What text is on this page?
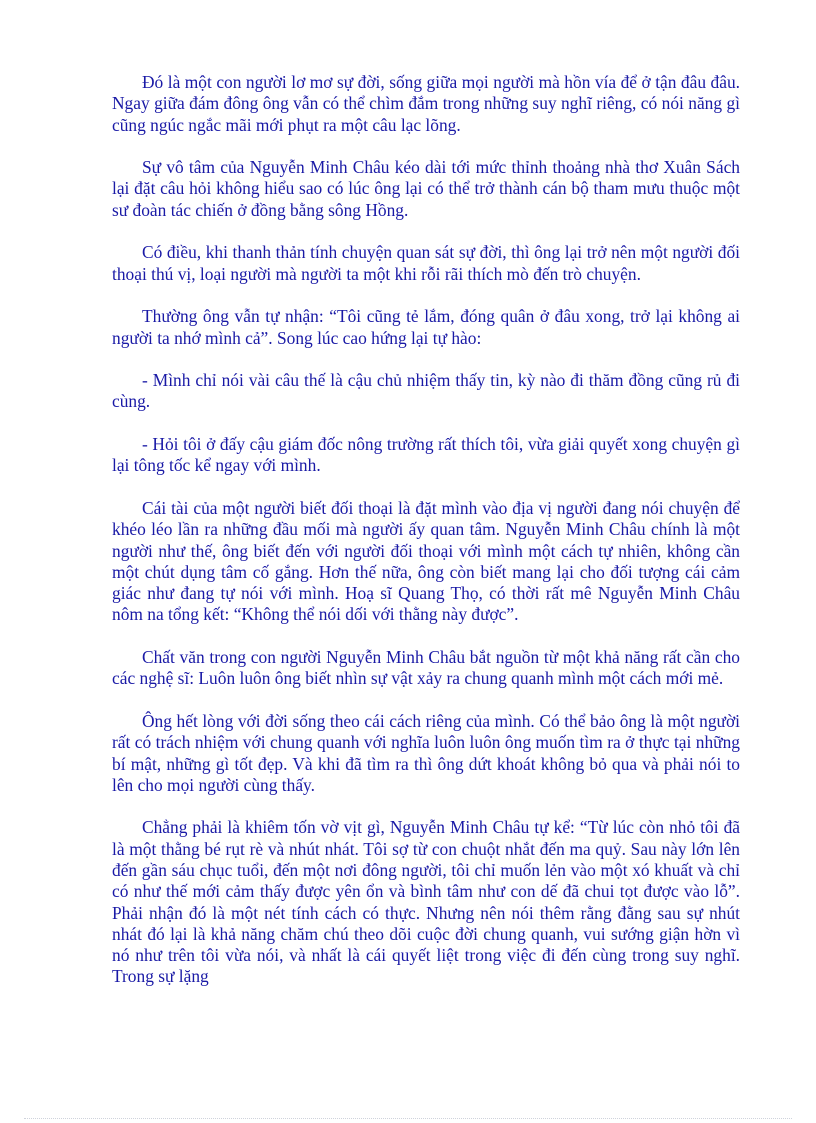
Đó là một con người lơ mơ sự đời, sống giữa mọi người mà hồn vía để ở tận đâu đâu. Ngay giữa đám đông ông vẫn có thể chìm đắm trong những suy nghĩ riêng, có nói năng gì cũng ngúc ngắc mãi mới phụt ra một câu lạc lõng.

Sự vô tâm của Nguyễn Minh Châu kéo dài tới mức thỉnh thoảng nhà thơ Xuân Sách lại đặt câu hỏi không hiểu sao có lúc ông lại có thể trở thành cán bộ tham mưu thuộc một sư đoàn tác chiến ở đồng bằng sông Hồng.

Có điều, khi thanh thản tính chuyện quan sát sự đời, thì ông lại trở nên một người đối thoại thú vị, loại người mà người ta một khi rỗi rãi thích mò đến trò chuyện.

Thường ông vẫn tự nhận: “Tôi cũng tẻ lắm, đóng quân ở đâu xong, trở lại không ai người ta nhớ mình cả”. Song lúc cao hứng lại tự hào:

- Mình chỉ nói vài câu thế là cậu chủ nhiệm thấy tin, kỳ nào đi thăm đồng cũng rủ đi cùng.

- Hỏi tôi ở đấy cậu giám đốc nông trường rất thích tôi, vừa giải quyết xong chuyện gì lại tông tốc kể ngay với mình.

Cái tài của một người biết đối thoại là đặt mình vào địa vị người đang nói chuyện để khéo léo lần ra những đầu mối mà người ấy quan tâm. Nguyễn Minh Châu chính là một người như thế, ông biết đến với người đối thoại với mình một cách tự nhiên, không cần một chút dụng tâm cố gắng. Hơn thế nữa, ông còn biết mang lại cho đối tượng cái cảm giác như đang tự nói với mình. Hoạ sĩ Quang Thọ, có thời rất mê Nguyễn Minh Châu nôm na tổng kết: “Không thể nói dối với thằng này được”.

Chất văn trong con người Nguyễn Minh Châu bắt nguồn từ một khả năng rất cần cho các nghệ sĩ: Luôn luôn ông biết nhìn sự vật xảy ra chung quanh mình một cách mới mẻ.

Ông hết lòng với đời sống theo cái cách riêng của mình. Có thể bảo ông là một người rất có trách nhiệm với chung quanh với nghĩa luôn luôn ông muốn tìm ra ở thực tại những bí mật, những gì tốt đẹp. Và khi đã tìm ra thì ông dứt khoát không bỏ qua và phải nói to lên cho mọi người cùng thấy.

Chẳng phải là khiêm tốn vờ vịt gì, Nguyễn Minh Châu tự kể: “Từ lúc còn nhỏ tôi đã là một thằng bé rụt rè và nhút nhát. Tôi sợ từ con chuột nhắt đến ma quỷ. Sau này lớn lên đến gần sáu chục tuổi, đến một nơi đông người, tôi chỉ muốn lẻn vào một xó khuất và chỉ có như thế mới cảm thấy được yên ổn và bình tâm như con dế đã chui tọt được vào lỗ”. Phải nhận đó là một nét tính cách có thực. Nhưng nên nói thêm rằng đằng sau sự nhút nhát đó lại là khả năng chăm chú theo dõi cuộc đời chung quanh, vui sướng giận hờn vì nó như trên tôi vừa nói, và nhất là cái quyết liệt trong việc đi đến cùng trong suy nghĩ. Trong sự lặng
